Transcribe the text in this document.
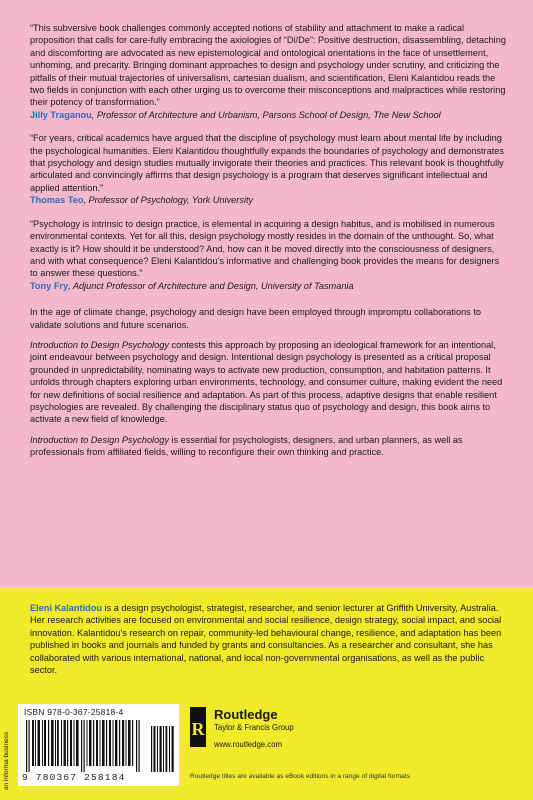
“This subversive book challenges commonly accepted notions of stability and attachment to make a radical proposition that calls for care-fully embracing the axiologies of “Di/De”: Positive destruction, disassembling, detaching and discomforting are advocated as new epistemological and ontological orientations in the face of unsettlement, unhoming, and precarity. Bringing dominant approaches to design and psychology under scrutiny, and criticizing the pitfalls of their mutual trajectories of universalism, cartesian dualism, and scientification, Eleni Kalantidou reads the two fields in conjunction with each other urging us to overcome their misconceptions and malpractices while restoring their potency of transformation.”

Jilly Traganou, Professor of Architecture and Urbanism, Parsons School of Design, The New School

“For years, critical academics have argued that the discipline of psychology must learn about mental life by including the psychological humanities. Eleni Kalantidou thoughtfully expands the boundaries of psychology and demonstrates that psychology and design studies mutually invigorate their theories and practices. This relevant book is thoughtfully articulated and convincingly affirms that design psychology is a program that deserves significant intellectual and applied attention.”

Thomas Teo, Professor of Psychology, York University

“Psychology is intrinsic to design practice, is elemental in acquiring a design habitus, and is mobilised in numerous environmental contexts. Yet for all this, design psychology mostly resides in the domain of the unthought. So, what exactly is it? How should it be understood? And, how can it be moved directly into the consciousness of designers, and with what consequence? Eleni Kalantidou’s informative and challenging book provides the means for designers to answer these questions.”

Tony Fry, Adjunct Professor of Architecture and Design, University of Tasmania

In the age of climate change, psychology and design have been employed through impromptu collaborations to validate solutions and future scenarios.

Introduction to Design Psychology contests this approach by proposing an ideological framework for an intentional, joint endeavour between psychology and design. Intentional design psychology is presented as a critical proposal grounded in unpredictability, nominating ways to activate new production, consumption, and habitation patterns. It unfolds through chapters exploring urban environments, technology, and consumer culture, making evident the need for new definitions of social resilience and adaptation. As part of this process, adaptive designs that enable resilient psychologies are revealed. By challenging the disciplinary status quo of psychology and design, this book aims to activate a new field of knowledge.

Introduction to Design Psychology is essential for psychologists, designers, and urban planners, as well as professionals from affiliated fields, willing to reconfigure their own thinking and practice.

Eleni Kalantidou is a design psychologist, strategist, researcher, and senior lecturer at Griffith University, Australia. Her research activities are focused on environmental and social resilience, design strategy, social impact, and social innovation. Kalantidou’s research on repair, community-led behavioural change, resilience, and adaptation has been published in books and journals and funded by grants and consultancies. As a researcher and consultant, she has collaborated with various international, national, and local non-governmental organisations, as well as the public sector.
an informa business
ISBN 978-0-367-25818-4
9 780367 258184
R
Routledge
Taylor & Francis Group
www.routledge.com
Routledge titles are available as eBook editions in a range of digital formats
